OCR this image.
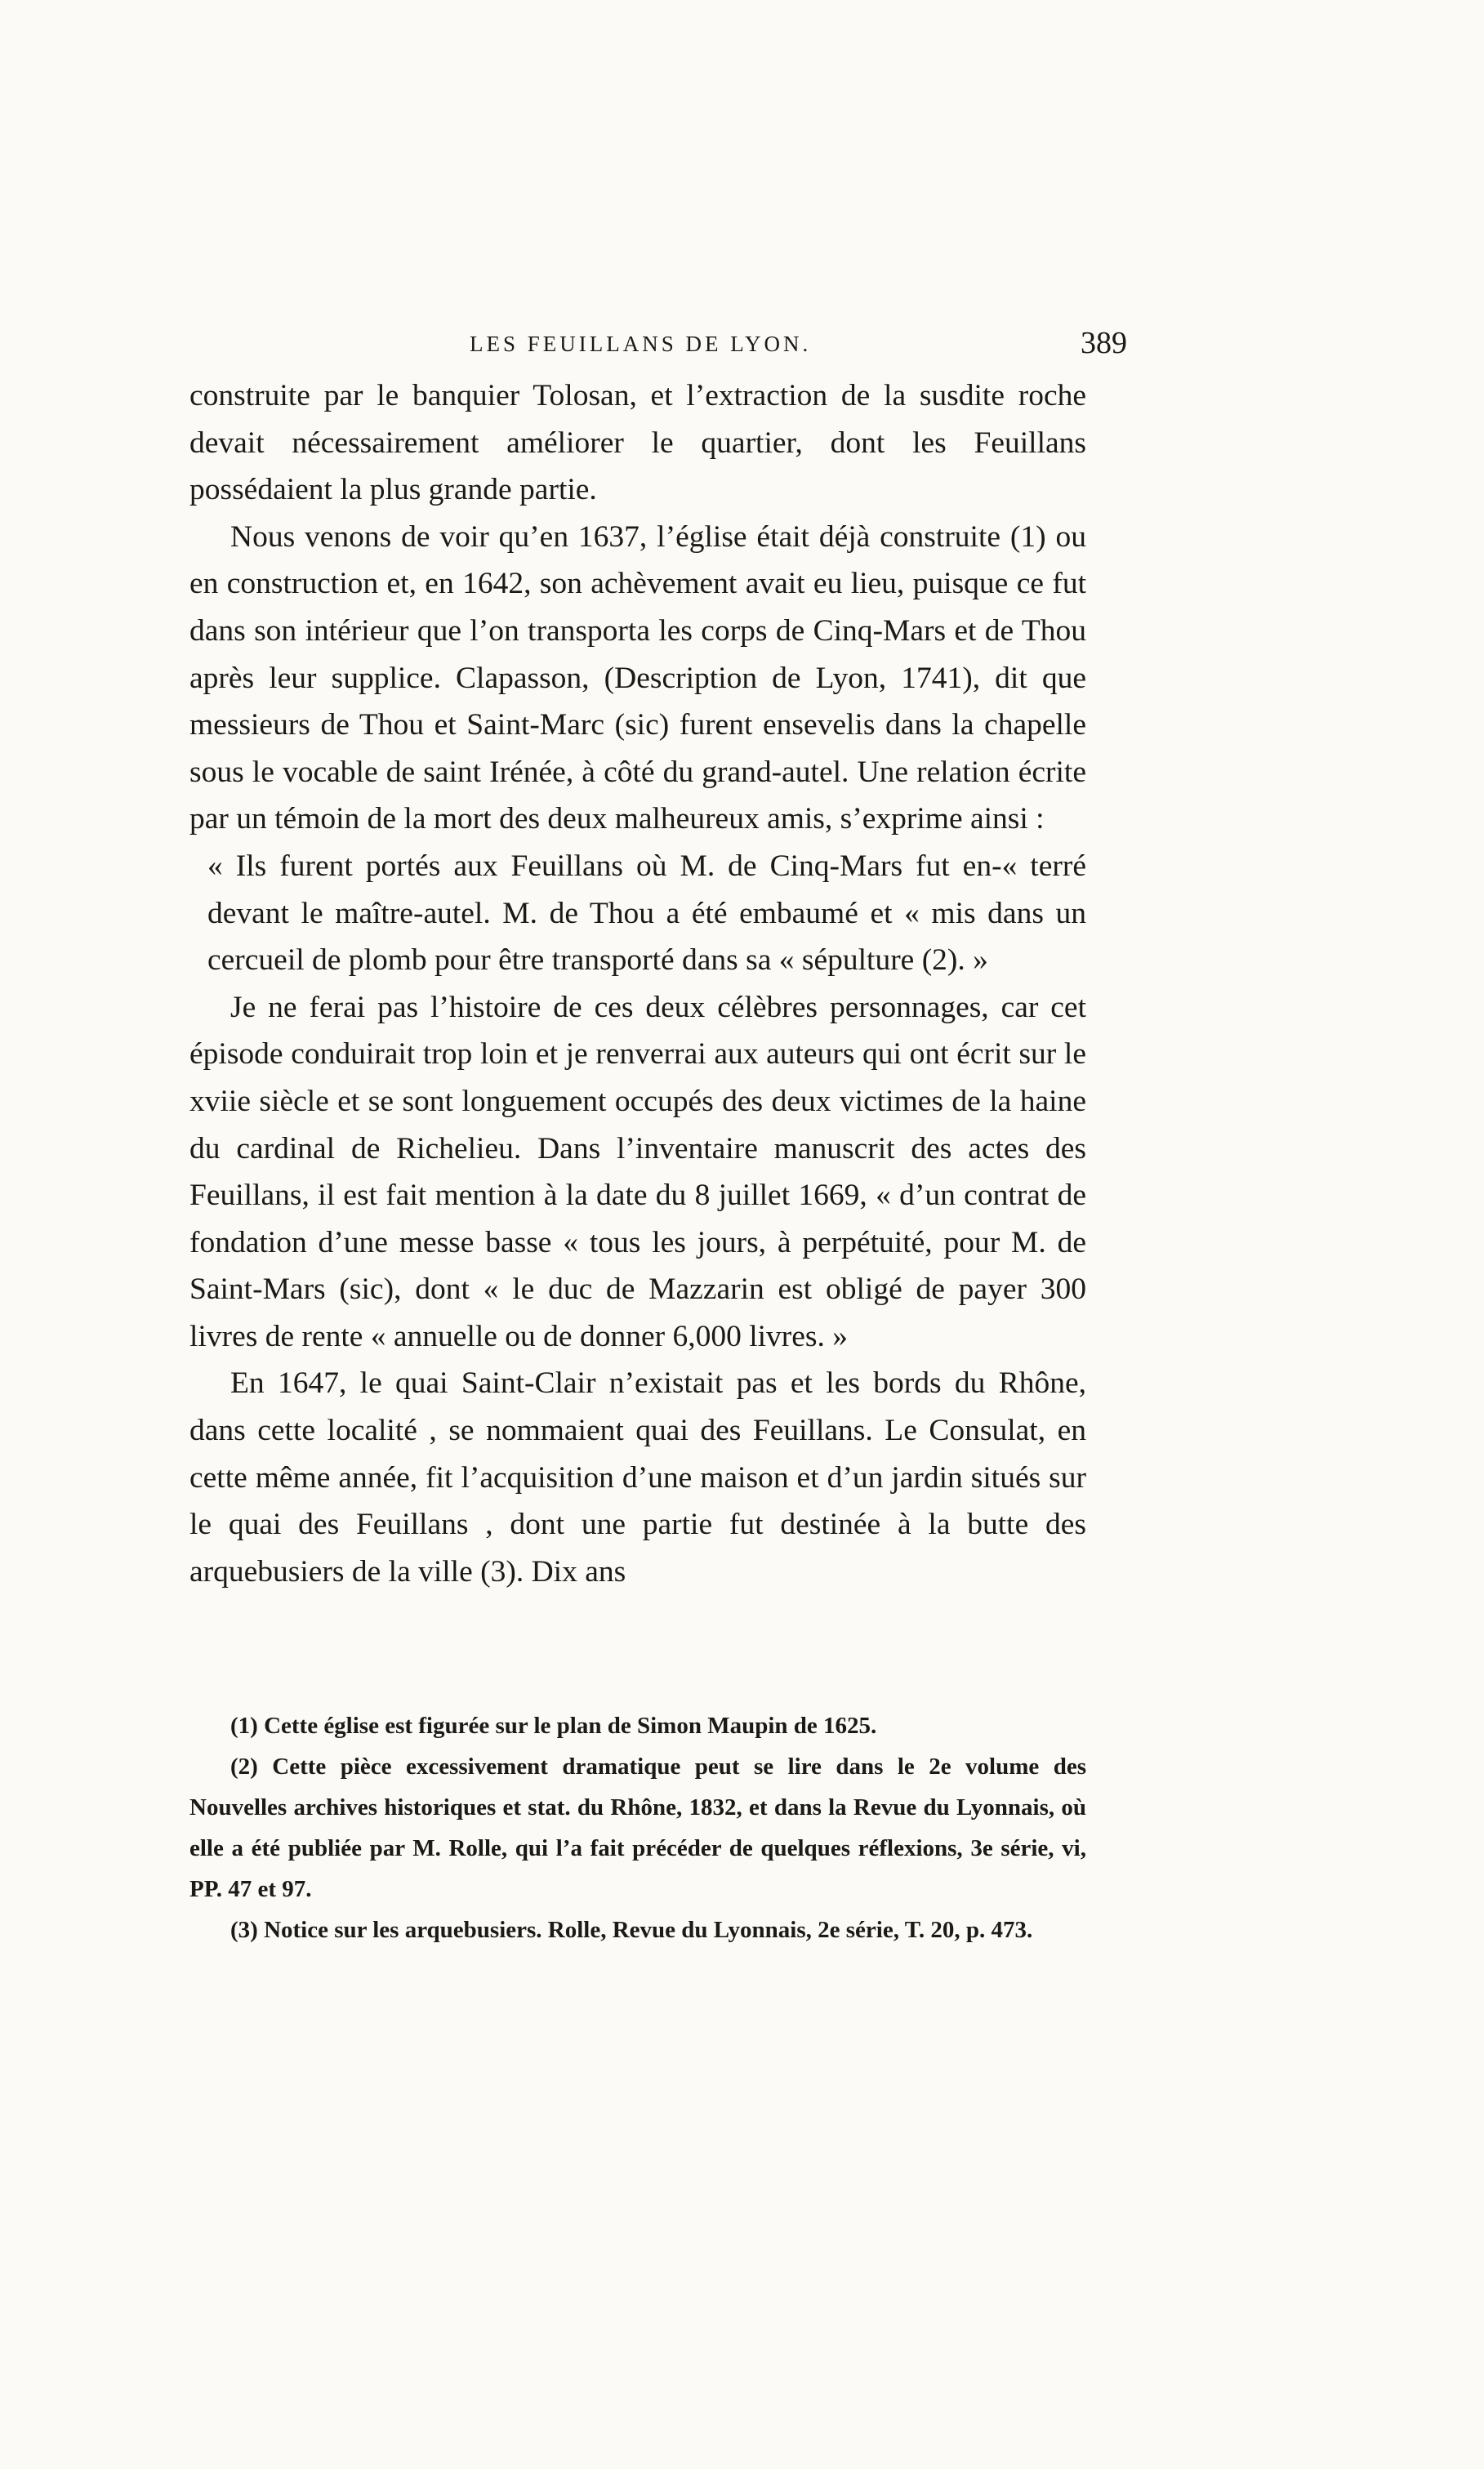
LES FEUILLANS DE LYON.	389

construite par le banquier Tolosan, et l’extraction de la susdite roche devait nécessairement améliorer le quartier, dont les Feuillans possédaient la plus grande partie.

Nous venons de voir qu’en 1637, l’église était déjà construite (1) ou en construction et, en 1642, son achèvement avait eu lieu, puisque ce fut dans son intérieur que l’on transporta les corps de Cinq-Mars et de Thou après leur supplice. Clapasson, (Description de Lyon, 1741), dit que messieurs de Thou et Saint-Marc (sic) furent ensevelis dans la chapelle sous le vocable de saint Irénée, à côté du grand-autel. Une relation écrite par un témoin de la mort des deux malheureux amis, s’exprime ainsi :

« Ils furent portés aux Feuillans où M. de Cinq-Mars fut en-« terré devant le maître-autel. M. de Thou a été embaumé et « mis dans un cercueil de plomb pour être transporté dans sa « sépulture (2). »

Je ne ferai pas l’histoire de ces deux célèbres personnages, car cet épisode conduirait trop loin et je renverrai aux auteurs qui ont écrit sur le xviie siècle et se sont longuement occupés des deux victimes de la haine du cardinal de Richelieu. Dans l’inventaire manuscrit des actes des Feuillans, il est fait mention à la date du 8 juillet 1669, « d’un contrat de fondation d’une messe basse « tous les jours, à perpétuité, pour M. de Saint-Mars (sic), dont « le duc de Mazzarin est obligé de payer 300 livres de rente « annuelle ou de donner 6,000 livres. »

En 1647, le quai Saint-Clair n’existait pas et les bords du Rhône, dans cette localité , se nommaient quai des Feuillans. Le Consulat, en cette même année, fit l’acquisition d’une maison et d’un jardin situés sur le quai des Feuillans , dont une partie fut destinée à la butte des arquebusiers de la ville (3). Dix ans

(1) Cette église est figurée sur le plan de Simon Maupin de 1625.

(2) Cette pièce excessivement dramatique peut se lire dans le 2e volume des Nouvelles archives historiques et stat. du Rhône, 1832, et dans la Revue du Lyonnais, où elle a été publiée par M. Rolle, qui l’a fait précéder de quelques réflexions, 3e série, vi, PP. 47 et 97.

(3) Notice sur les arquebusiers. Rolle, Revue du Lyonnais, 2e série, T. 20, p. 473.
